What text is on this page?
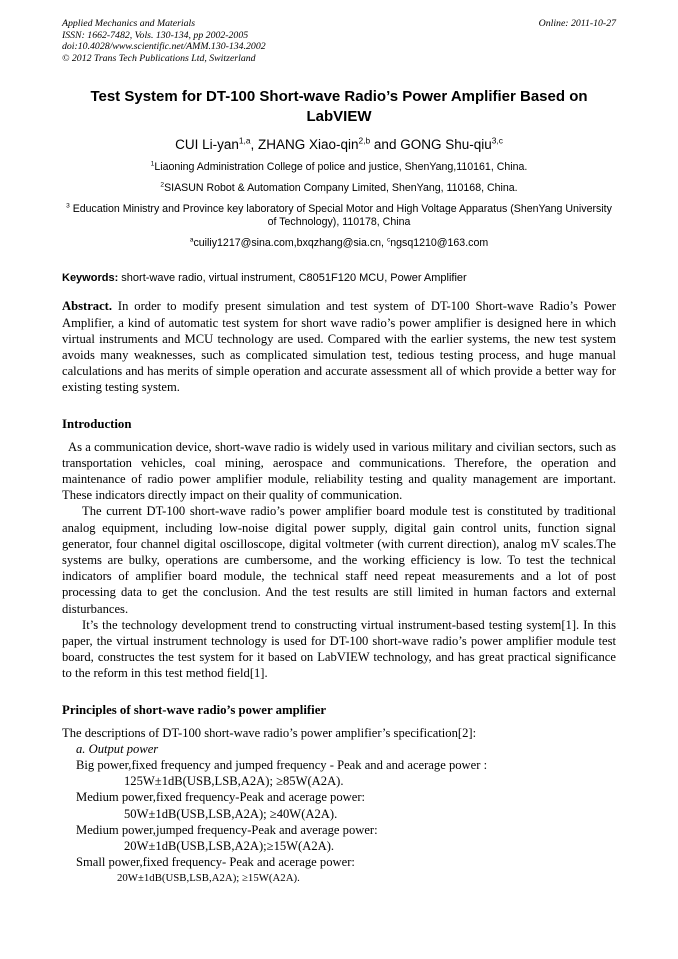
Applied Mechanics and Materials
ISSN: 1662-7482, Vols. 130-134, pp 2002-2005
doi:10.4028/www.scientific.net/AMM.130-134.2002
© 2012 Trans Tech Publications Ltd, Switzerland
Online: 2011-10-27
Test System for DT-100 Short-wave Radio’s Power Amplifier Based on LabVIEW
CUI Li-yan$^{1,a}$, ZHANG Xiao-qin$^{2,b}$ and GONG Shu-qiu$^{3,c}$

$^1$Liaoning Administration College of police and justice, ShenYang,110161, China.

$^2$SIASUN Robot & Automation Company Limited, ShenYang, 110168, China.

$^3$ Education Ministry and Province key laboratory of Special Motor and High Voltage Apparatus (ShenYang University of Technology), 110178, China

$^a$cuiliy1217@sina.com,bxqzhang@sia.cn, $^c$ngsq1210@163.com

Keywords: short-wave radio, virtual instrument, C8051F120 MCU, Power Amplifier

Abstract. In order to modify present simulation and test system of DT-100 Short-wave Radio’s Power Amplifier, a kind of automatic test system for short wave radio’s power amplifier is designed here in which virtual instruments and MCU technology are used. Compared with the earlier systems, the new test system avoids many weaknesses, such as complicated simulation test, tedious testing process, and huge manual calculations and has merits of simple operation and accurate assessment all of which provide a better way for existing testing system.

Introduction

As a communication device, short-wave radio is widely used in various military and civilian sectors, such as transportation vehicles, coal mining, aerospace and communications. Therefore, the operation and maintenance of radio power amplifier module, reliability testing and quality management are important. These indicators directly impact on their quality of communication.

The current DT-100 short-wave radio’s power amplifier board module test is constituted by traditional analog equipment, including low-noise digital power supply, digital gain control units, function signal generator, four channel digital oscilloscope, digital voltmeter (with current direction), analog mV scales.The systems are bulky, operations are cumbersome, and the working efficiency is low. To test the technical indicators of amplifier board module, the technical staff need repeat measurements and a lot of post processing data to get the conclusion. And the test results are still limited in human factors and external disturbances.

It’s the technology development trend to constructing virtual instrument-based testing system[1]. In this paper, the virtual instrument technology is used for DT-100 short-wave radio’s power amplifier module test board, constructes the test system for it based on LabVIEW technology, and has great practical significance to the reform in this test method field[1].

Principles of short-wave radio’s power amplifier

The descriptions of DT-100 short-wave radio’s power amplifier’s specification[2]:

a. Output power

Big power,fixed frequency and jumped frequency - Peak and and acerage power :

125W±1dB(USB,LSB,A2A); ≥85W(A2A).

Medium power,fixed frequency-Peak and acerage power:

50W±1dB(USB,LSB,A2A); ≥40W(A2A).

Medium power,jumped frequency-Peak and average power:

20W±1dB(USB,LSB,A2A);≥15W(A2A).

Small power,fixed frequency- Peak and acerage power:

20W±1dB(USB,LSB,A2A); ≥15W(A2A).
